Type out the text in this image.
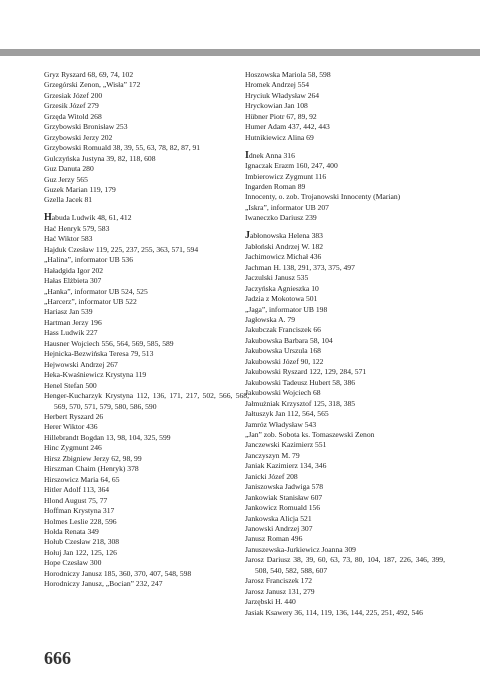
Gryz Ryszard 68, 69, 74, 102
Grzegórski Zenon, „Wisła” 172
Grzesiak Józef 200
Grzesik Józef 279
Grzęda Witold 268
Grzybowski Bronisław 253
Grzybowski Jerzy 202
Grzybowski Romuald 38, 39, 55, 63, 78, 82, 87, 91
Gulczyńska Justyna 39, 82, 118, 608
Guz Danuta 280
Guz Jerzy 565
Guzek Marian 119, 179
Gzella Jacek 81
Habuda Ludwik 48, 61, 412
Hać Henryk 579, 583
Hać Wiktor 583
Hajduk Czesław 119, 225, 237, 255, 363, 571, 594
„Halina”, informator UB 536
Haładgida Igor 202
Hałas Elżbieta 307
„Hanka”, informator UB 524, 525
„Harcerz”, informator UB 522
Hariasz Jan 539
Hartman Jerzy 196
Hass Ludwik 227
Hausner Wojciech 556, 564, 569, 585, 589
Hejnicka-Bezwińska Teresa 79, 513
Hejwowski Andrzej 267
Heka-Kwaśniewicz Krystyna 119
Henel Stefan 500
Henger-Kucharzyk Krystyna 112, 136, 171, 217, 502, 566, 568, 569, 570, 571, 579, 580, 586, 590
Herbert Ryszard 26
Herer Wiktor 436
Hillebrandt Bogdan 13, 98, 104, 325, 599
Hinc Zygmunt 246
Hirsz Zbigniew Jerzy 62, 98, 99
Hirszman Chaim (Henryk) 378
Hirszowicz Maria 64, 65
Hitler Adolf 113, 364
Hlond August 75, 77
Hoffman Krystyna 317
Holmes Leslie 228, 596
Hołda Renata 349
Hołub Czesław 218, 308
Hołuj Jan 122, 125, 126
Hope Czesław 300
Horodniczy Janusz 185, 360, 370, 407, 548, 598
Horodniczy Janusz, „Bocian” 232, 247
Hoszowska Mariola 58, 598
Hromek Andrzej 554
Hryciuk Władysław 264
Hryckowian Jan 108
Hübner Piotr 67, 89, 92
Humer Adam 437, 442, 443
Hutnikiewicz Alina 69
Idnek Anna 316
Ignaczak Erazm 160, 247, 400
Imbierowicz Zygmunt 116
Ingarden Roman 89
Innocenty, o. zob. Trojanowski Innocenty (Marian)
„Iskra”, informator UB 207
Iwaneczko Dariusz 239
Jabłonowska Helena 383
Jabłoński Andrzej W. 182
Jachimowicz Michał 436
Jachman H. 138, 291, 373, 375, 497
Jaczulski Janusz 535
Jaczyńska Agnieszka 10
Jadzia z Mokotowa 501
„Jaga”, informator UB 198
Jagłowska A. 79
Jakubczak Franciszek 66
Jakubowska Barbara 58, 104
Jakubowska Urszula 168
Jakubowski Józef 90, 122
Jakubowski Ryszard 122, 129, 284, 571
Jakubowski Tadeusz Hubert 58, 386
Jakubowski Wojciech 68
Jałmużniak Krzysztof 125, 318, 385
Jałtuszyk Jan 112, 564, 565
Jamróz Władysław 543
„Jan” zob. Sobota ks. Tomaszewski Zenon
Janczewski Kazimierz 551
Janczyszyn M. 79
Janiak Kazimierz 134, 346
Janicki Józef 208
Janiszowska Jadwiga 578
Jankowiak Stanisław 607
Jankowicz Romuald 156
Jankowska Alicja 521
Janowski Andrzej 307
Janusz Roman 496
Januszewska-Jurkiewicz Joanna 309
Jarosz Dariusz 38, 39, 60, 63, 73, 80, 104, 187, 226, 346, 399, 508, 540, 582, 588, 607
Jarosz Franciszek 172
Jarosz Janusz 131, 279
Jarzębski H. 440
Jasiak Ksawery 36, 114, 119, 136, 144, 225, 251, 492, 546
666
